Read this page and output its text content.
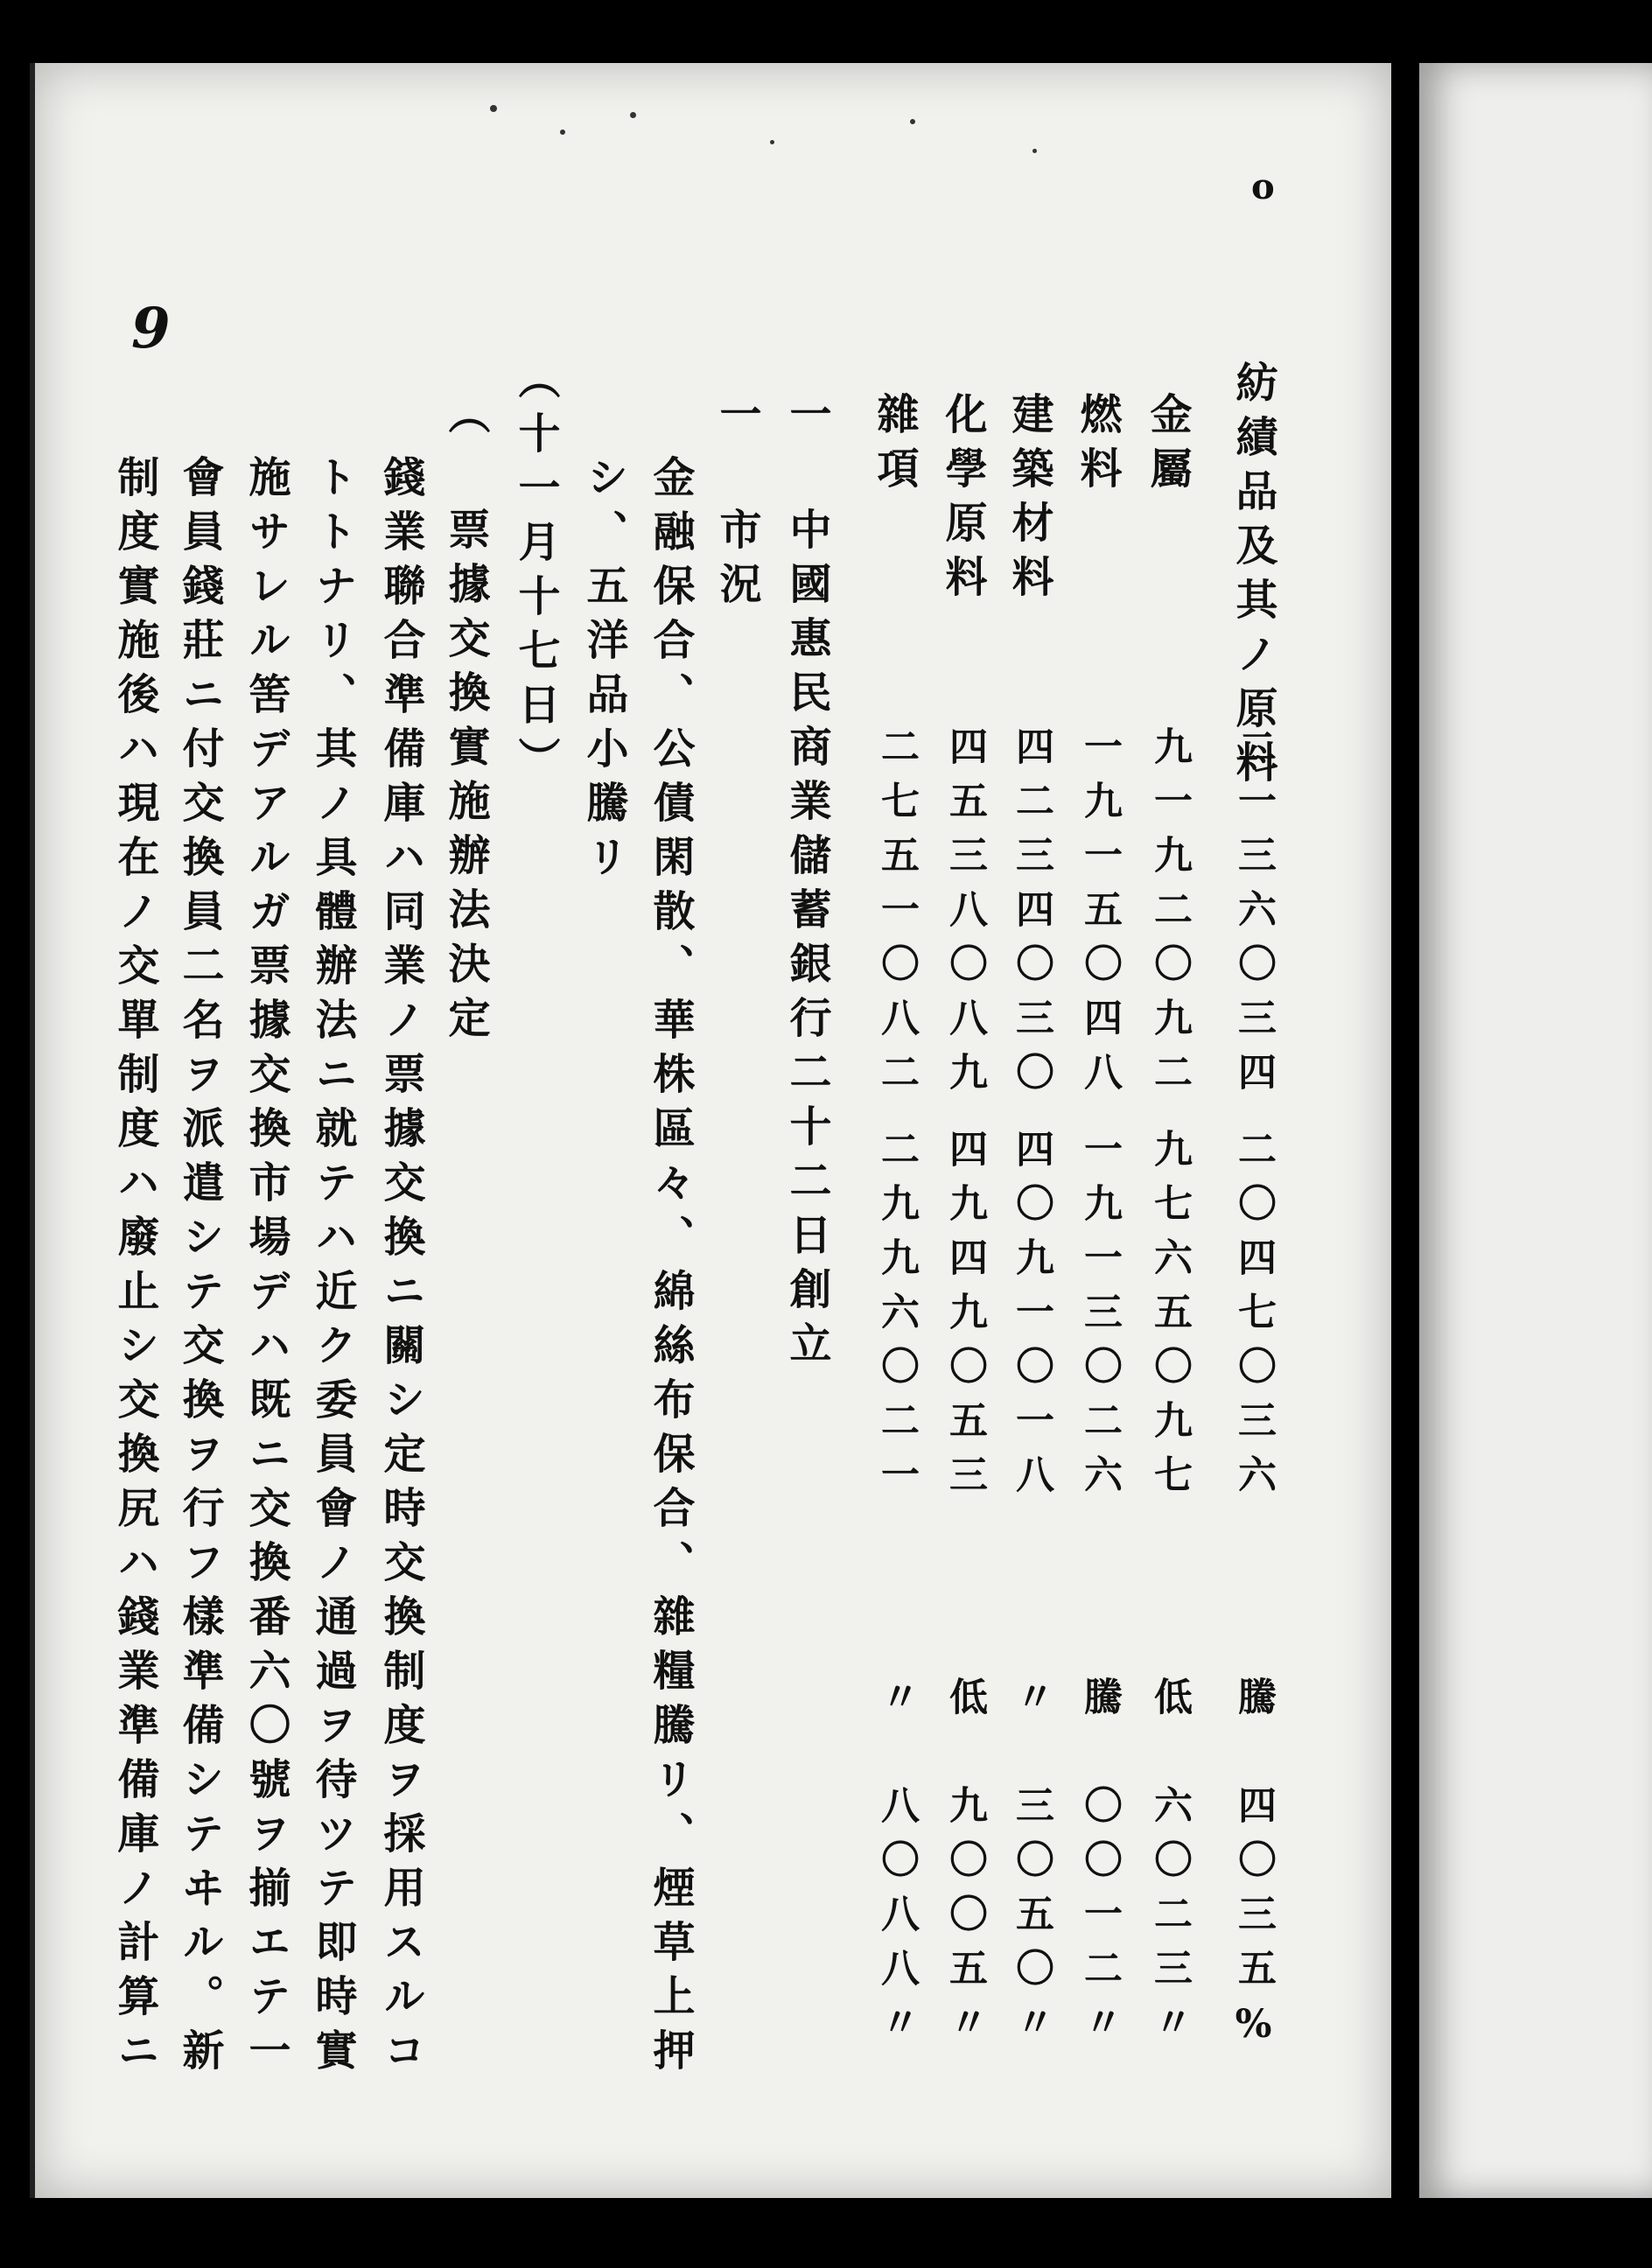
o
9
紡績品及其ノ原料
二一三六〇三四
二〇四七〇三六
騰
四〇三五%
金屬
九一九二〇九二
九七六五〇九七
低
六〇二三〃
燃料
一九一五〇四八
一九一三〇二六
騰
〇〇一二〃
建築材料
四二三四〇三〇
四〇九一〇一八
〃
三〇五〇〃
化學原料
四五三八〇八九
四九四九〇五三
低
九〇〇五〃
雜項
二七五一〇八二
二九九六〇二一
〃
八〇八八〃
一 中國惠民商業儲蓄銀行二十二日創立
一 市況
金融保合、公債閑散、華株區々、綿絲布保合、雜糧騰リ、煙草上押
シ、五洋品小騰リ
（十一月十七日）
（ 票據交換實施辦法決定
錢業聯合準備庫ハ同業ノ票據交換ニ關シ定時交換制度ヲ採用スルコ
トトナリ、其ノ具體辦法ニ就テハ近ク委員會ノ通過ヲ待ツテ即時實
施サレル筈デアルガ票據交換市場デハ既ニ交換番六〇號ヲ揃エテ一
會員錢莊ニ付交換員二名ヲ派遣シテ交換ヲ行フ樣準備シテヰル。新
制度實施後ハ現在ノ交單制度ハ廢止シ交換尻ハ錢業準備庫ノ計算ニ
